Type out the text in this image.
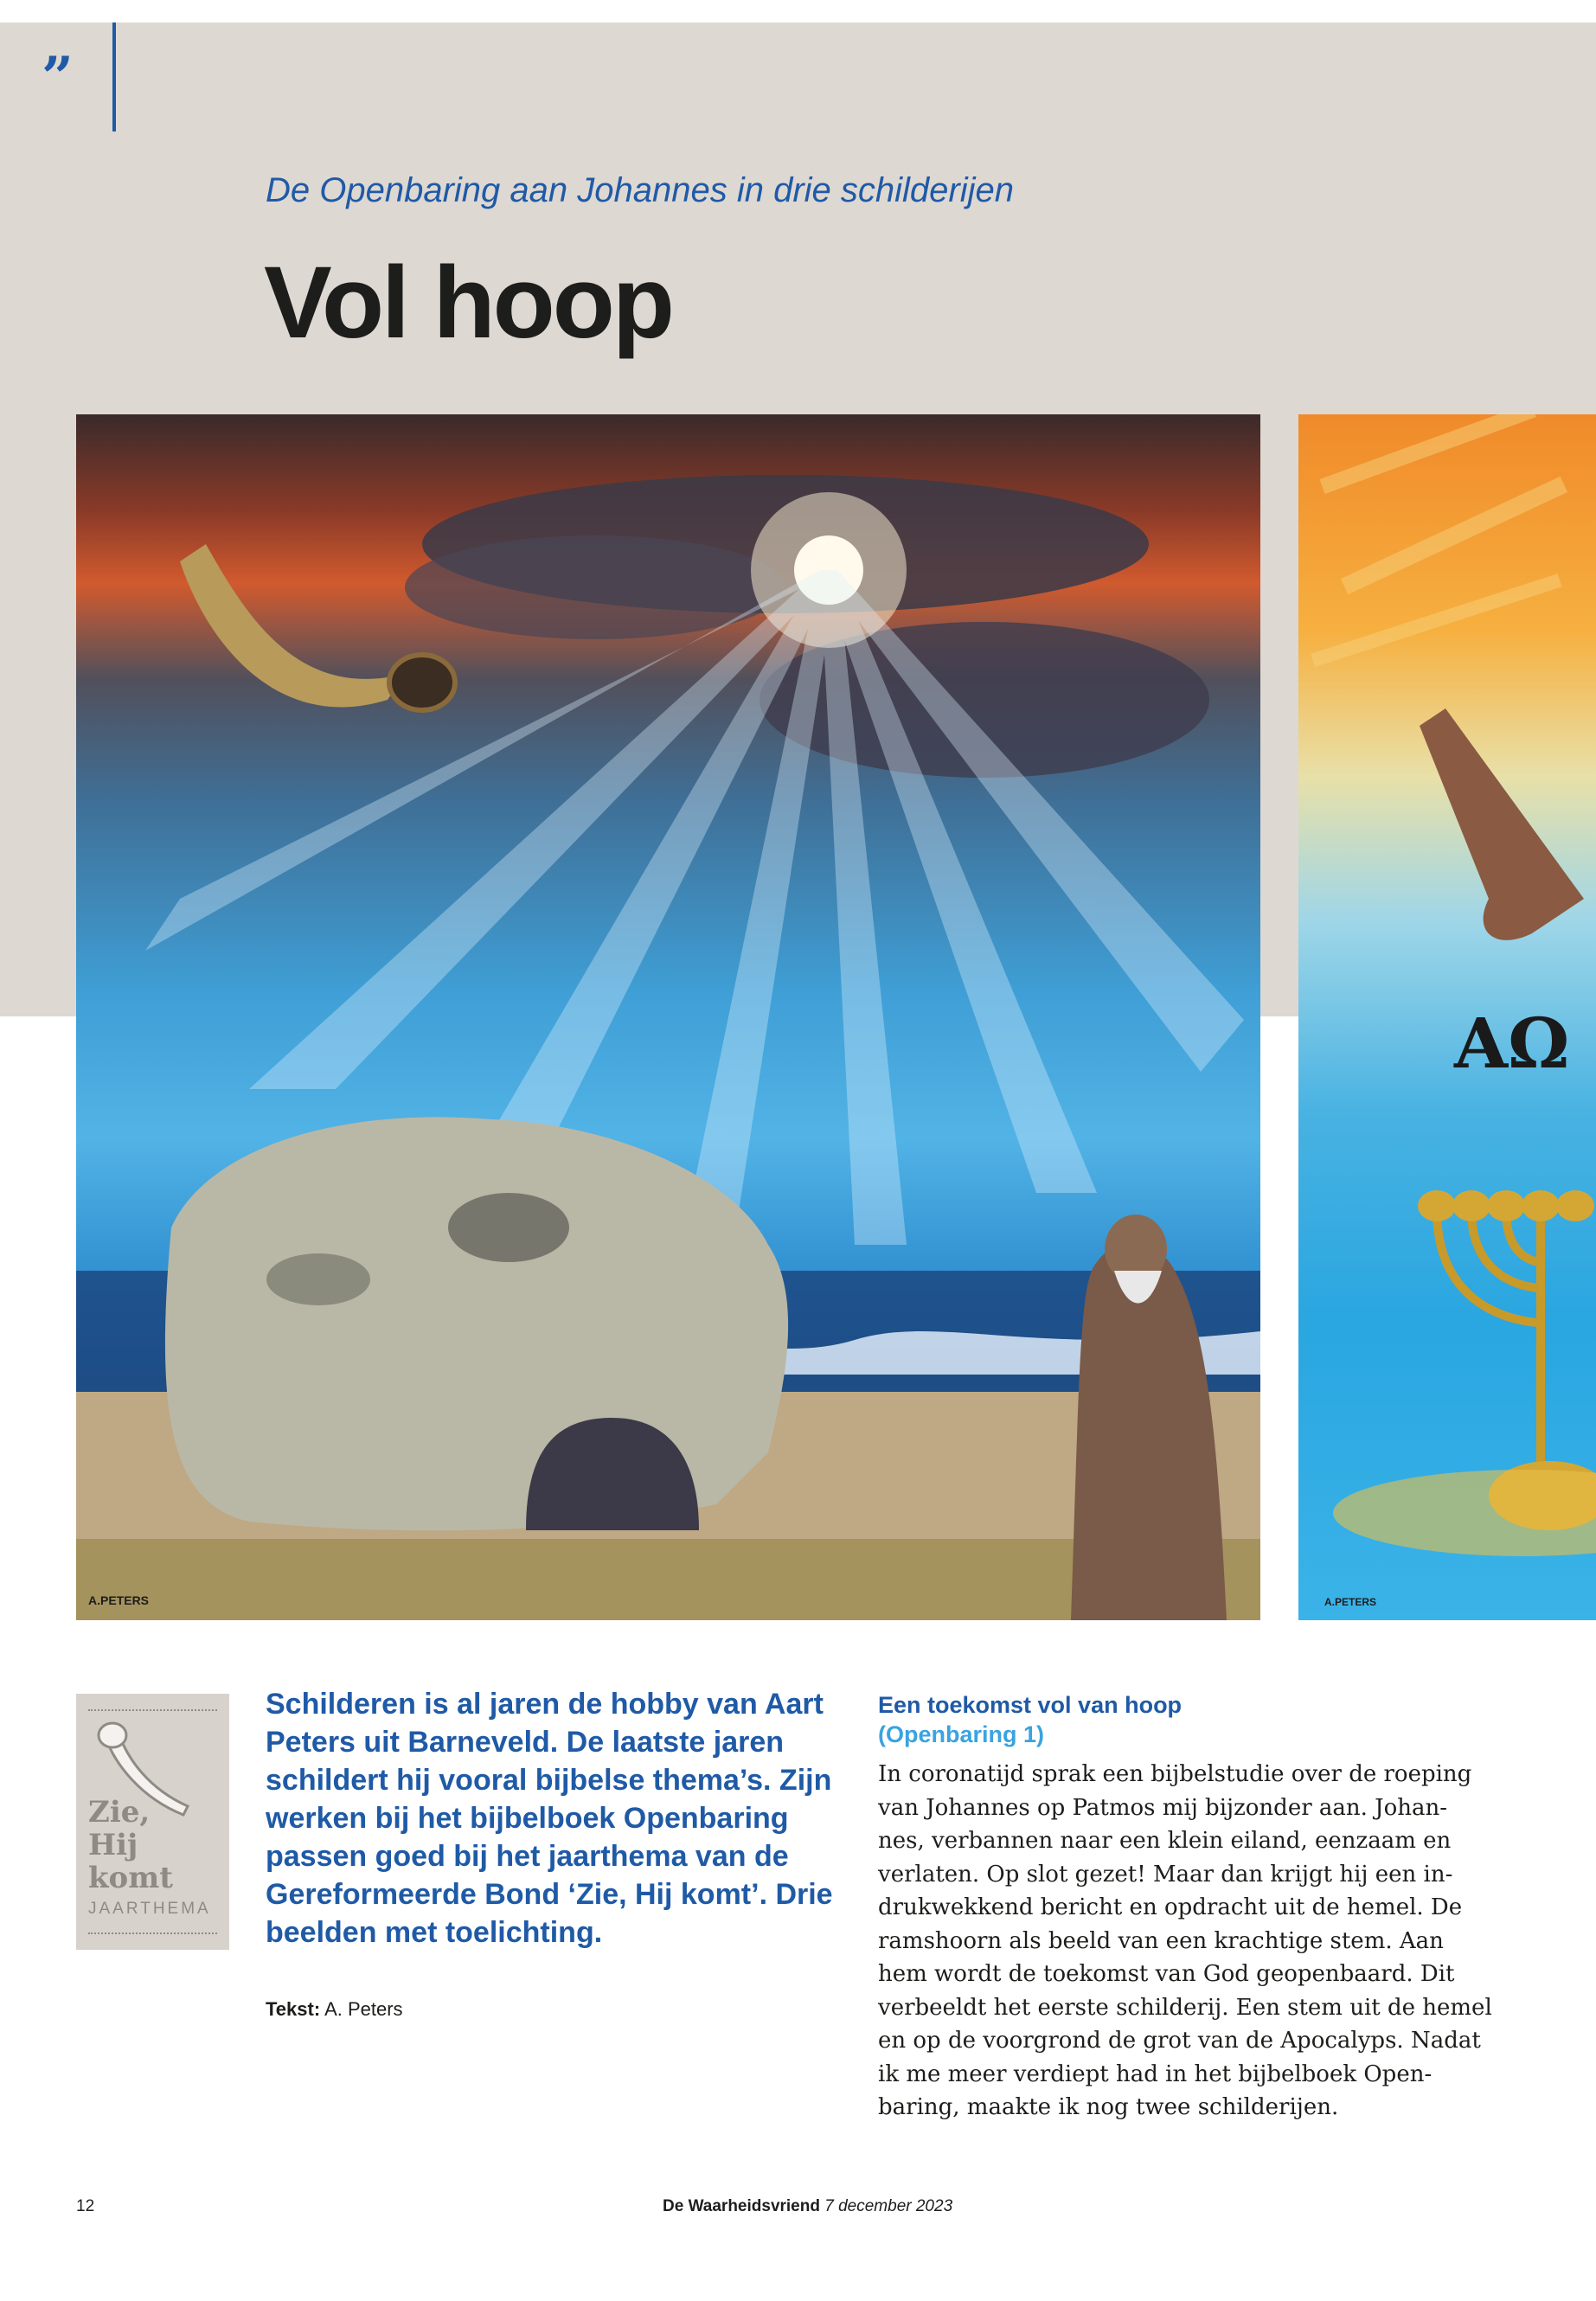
”
De Openbaring aan Johannes in drie schilderijen
Vol hoop
A.PETERS
AΩ
A.PETERS
Zie,
Hij
komt
JAARTHEMA
Schilderen is al jaren de hobby van Aart Peters uit Barneveld. De laatste jaren schildert hij vooral bijbelse thema’s. Zijn werken bij het bijbelboek Openbaring passen goed bij het jaarthema van de Gereformeerde Bond ‘Zie, Hij komt’. Drie beelden met toelichting.
Tekst: A. Peters
Een toekomst vol van hoop
(Openbaring 1)
In coronatijd sprak een bijbelstudie over de roeping
van Johannes op Patmos mij bijzonder aan. Johan-
nes, verbannen naar een klein eiland, eenzaam en
verlaten. Op slot gezet! Maar dan krijgt hij een in-
drukwekkend bericht en opdracht uit de hemel. De
ramshoorn als beeld van een krachtige stem. Aan
hem wordt de toekomst van God geopenbaard. Dit
verbeeldt het eerste schilderij. Een stem uit de hemel
en op de voorgrond de grot van de Apocalyps. Nadat
ik me meer verdiept had in het bijbelboek Open-
baring, maakte ik nog twee schilderijen.
12	De Waarheidsvriend 7 december 2023
